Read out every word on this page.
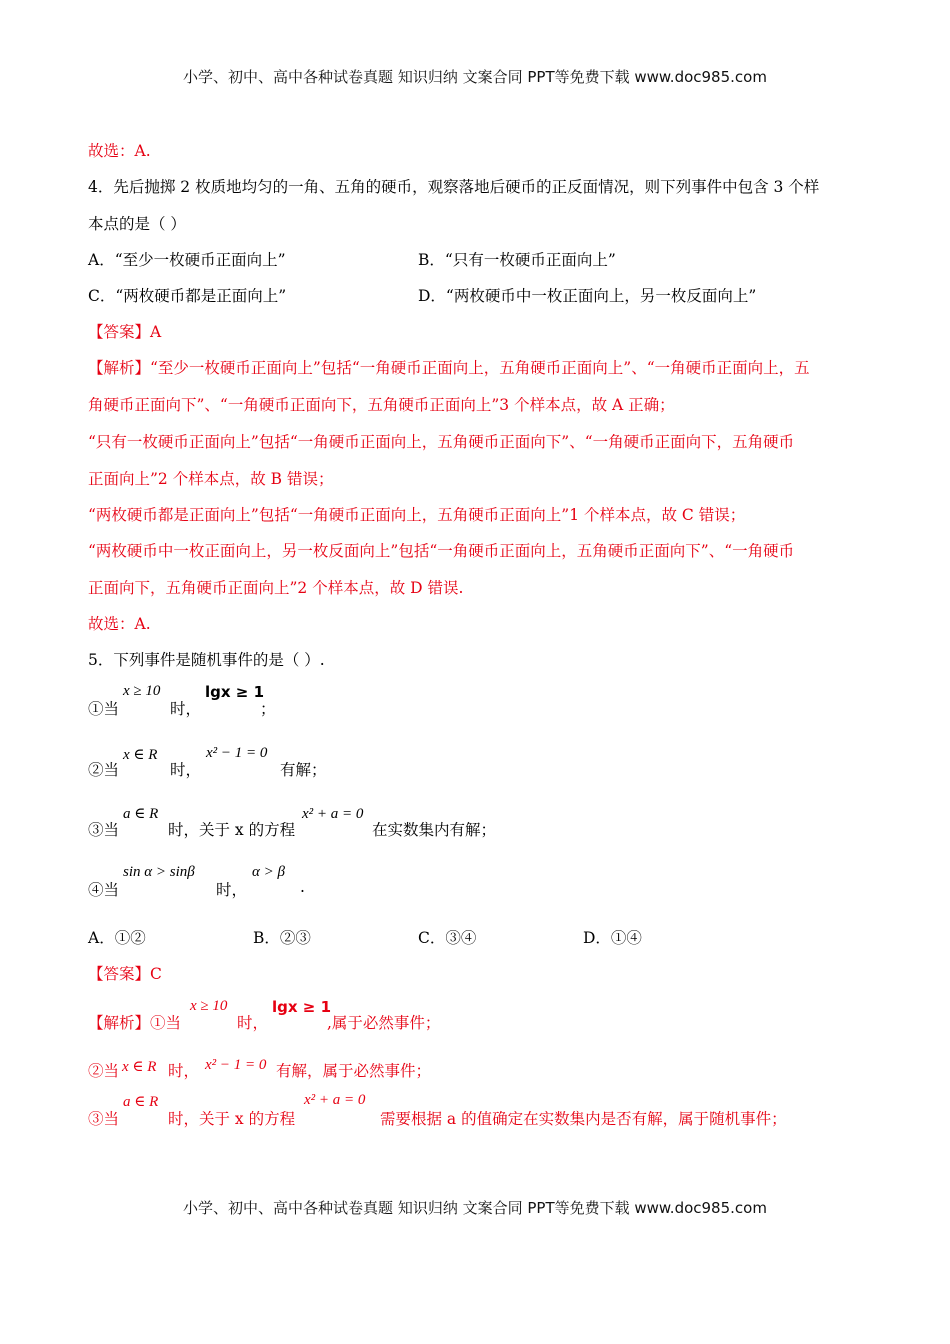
小学、初中、高中各种试卷真题 知识归纳 文案合同 PPT等免费下载 www.doc985.com
故选：A.
4．先后抛掷 2 枚质地均匀的一角、五角的硬币，观察落地后硬币的正反面情况，则下列事件中包含 3 个样
本点的是（ ）
A．“至少一枚硬币正面向上”	B．“只有一枚硬币正面向上”
C．“两枚硬币都是正面向上”	D．“两枚硬币中一枚正面向上，另一枚反面向上”
【答案】A
【解析】“至少一枚硬币正面向上”包括“一角硬币正面向上，五角硬币正面向上”、“一角硬币正面向上，五
角硬币正面向下”、“一角硬币正面向下，五角硬币正面向上”3 个样本点，故 A 正确；
“只有一枚硬币正面向上”包括“一角硬币正面向上，五角硬币正面向下”、“一角硬币正面向下，五角硬币
正面向上”2 个样本点，故 B 错误；
“两枚硬币都是正面向上”包括“一角硬币正面向上，五角硬币正面向上”1 个样本点，故 C 错误；
“两枚硬币中一枚正面向上，另一枚反面向上”包括“一角硬币正面向上，五角硬币正面向下”、“一角硬币
正面向下，五角硬币正面向上”2 个样本点，故 D 错误.
故选：A.
5．下列事件是随机事件的是（ ）.
①当
x ≥ 10
时，
lgx ≥ 1
；
②当
x ∈ R
时，
x² − 1 = 0
有解；
③当
a ∈ R
时，关于 x 的方程
x² + a = 0
在实数集内有解；
④当
sin α > sinβ
时，
α > β
.
A．①②	B．②③	C．③④	D．①④
【答案】C
【解析】①当
x ≥ 10
时，
lgx ≥ 1
,属于必然事件；
②当 x ∈ R 时， x² − 1 = 0 有解，属于必然事件；
③当
a ∈ R
时，关于 x 的方程
x² + a = 0
需要根据 a 的值确定在实数集内是否有解，属于随机事件；
小学、初中、高中各种试卷真题 知识归纳 文案合同 PPT等免费下载 www.doc985.com
